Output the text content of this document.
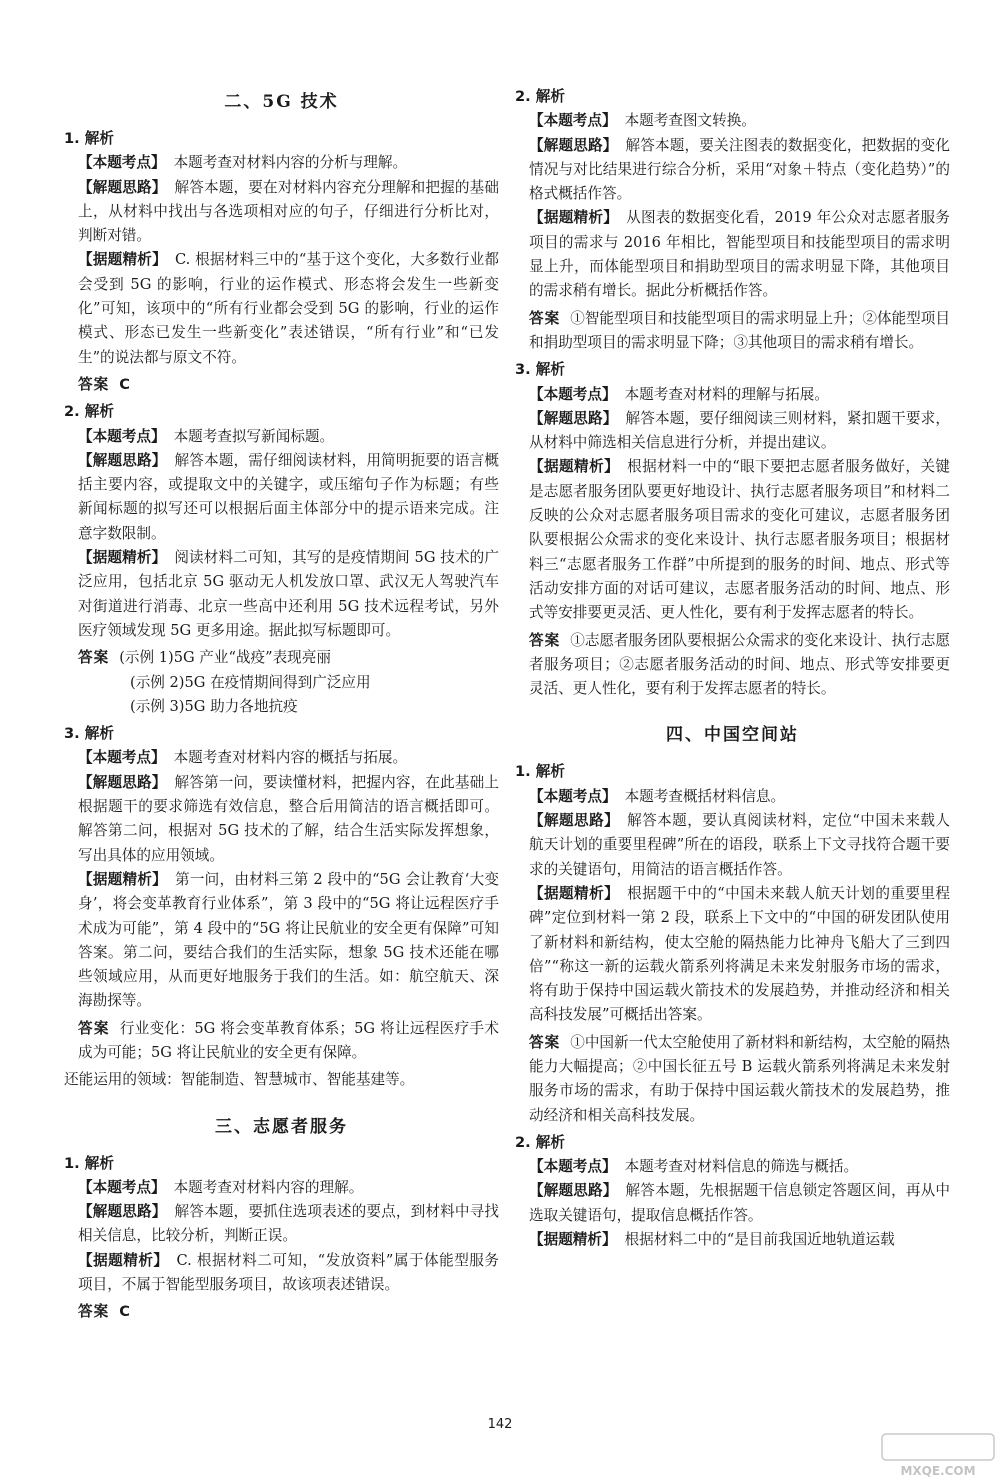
二、5G 技术
1. 解析

【本题考点】 本题考查对材料内容的分析与理解。

【解题思路】 解答本题，要在对材料内容充分理解和把握的基础上，从材料中找出与各选项相对应的句子，仔细进行分析比对，判断对错。

【据题精析】 C. 根据材料三中的“基于这个变化，大多数行业都会受到 5G 的影响，行业的运作模式、形态将会发生一些新变化”可知，该项中的“所有行业都会受到 5G 的影响，行业的运作模式、形态已发生一些新变化”表述错误，“所有行业”和“已发生”的说法都与原文不符。

答案 C

2. 解析

【本题考点】 本题考查拟写新闻标题。

【解题思路】 解答本题，需仔细阅读材料，用简明扼要的语言概括主要内容，或提取文中的关键字，或压缩句子作为标题；有些新闻标题的拟写还可以根据后面主体部分中的提示语来完成。注意字数限制。

【据题精析】 阅读材料二可知，其写的是疫情期间 5G 技术的广泛应用，包括北京 5G 驱动无人机发放口罩、武汉无人驾驶汽车对街道进行消毒、北京一些高中还利用 5G 技术远程考试，另外医疗领域发现 5G 更多用途。据此拟写标题即可。

答案 (示例 1)5G 产业“战疫”表现亮丽
(示例 2)5G 在疫情期间得到广泛应用
(示例 3)5G 助力各地抗疫

3. 解析

【本题考点】 本题考查对材料内容的概括与拓展。

【解题思路】 解答第一问，要读懂材料，把握内容，在此基础上根据题干的要求筛选有效信息，整合后用简洁的语言概括即可。解答第二问，根据对 5G 技术的了解，结合生活实际发挥想象，写出具体的应用领域。

【据题精析】 第一问，由材料三第 2 段中的“5G 会让教育‘大变身’，将会变革教育行业体系”，第 3 段中的“5G 将让远程医疗手术成为可能”，第 4 段中的“5G 将让民航业的安全更有保障”可知答案。第二问，要结合我们的生活实际，想象 5G 技术还能在哪些领域应用，从而更好地服务于我们的生活。如：航空航天、深海勘探等。

答案 行业变化：5G 将会变革教育体系；5G 将让远程医疗手术成为可能；5G 将让民航业的安全更有保障。

还能运用的领域：智能制造、智慧城市、智能基建等。

三、志愿者服务
1. 解析

【本题考点】 本题考查对材料内容的理解。

【解题思路】 解答本题，要抓住选项表述的要点，到材料中寻找相关信息，比较分析，判断正误。

【据题精析】 C. 根据材料二可知，“发放资料”属于体能型服务项目，不属于智能型服务项目，故该项表述错误。

答案 C

2. 解析

【本题考点】 本题考查图文转换。

【解题思路】 解答本题，要关注图表的数据变化，把数据的变化情况与对比结果进行综合分析，采用“对象＋特点（变化趋势）”的格式概括作答。

【据题精析】 从图表的数据变化看，2019 年公众对志愿者服务项目的需求与 2016 年相比，智能型项目和技能型项目的需求明显上升，而体能型项目和捐助型项目的需求明显下降，其他项目的需求稍有增长。据此分析概括作答。

答案 ①智能型项目和技能型项目的需求明显上升；②体能型项目和捐助型项目的需求明显下降；③其他项目的需求稍有增长。

3. 解析

【本题考点】 本题考查对材料的理解与拓展。

【解题思路】 解答本题，要仔细阅读三则材料，紧扣题干要求，从材料中筛选相关信息进行分析，并提出建议。

【据题精析】 根据材料一中的“眼下要把志愿者服务做好，关键是志愿者服务团队要更好地设计、执行志愿者服务项目”和材料二反映的公众对志愿者服务项目需求的变化可建议，志愿者服务团队要根据公众需求的变化来设计、执行志愿者服务项目；根据材料三“志愿者服务工作群”中所提到的服务的时间、地点、形式等活动安排方面的对话可建议，志愿者服务活动的时间、地点、形式等安排要更灵活、更人性化，要有利于发挥志愿者的特长。

答案 ①志愿者服务团队要根据公众需求的变化来设计、执行志愿者服务项目；②志愿者服务活动的时间、地点、形式等安排要更灵活、更人性化，要有利于发挥志愿者的特长。

四、中国空间站
1. 解析

【本题考点】 本题考查概括材料信息。

【解题思路】 解答本题，要认真阅读材料，定位“中国未来载人航天计划的重要里程碑”所在的语段，联系上下文寻找符合题干要求的关键语句，用简洁的语言概括作答。

【据题精析】 根据题干中的“中国未来载人航天计划的重要里程碑”定位到材料一第 2 段，联系上下文中的“中国的研发团队使用了新材料和新结构，使太空舱的隔热能力比神舟飞船大了三到四倍”“称这一新的运载火箭系列将满足未来发射服务市场的需求，将有助于保持中国运载火箭技术的发展趋势，并推动经济和相关高科技发展”可概括出答案。

答案 ①中国新一代太空舱使用了新材料和新结构，太空舱的隔热能力大幅提高；②中国长征五号 B 运载火箭系列将满足未来发射服务市场的需求，有助于保持中国运载火箭技术的发展趋势，推动经济和相关高科技发展。

2. 解析

【本题考点】 本题考查对材料信息的筛选与概括。

【解题思路】 解答本题，先根据题干信息锁定答题区间，再从中选取关键语句，提取信息概括作答。

【据题精析】 根据材料二中的“是目前我国近地轨道运载

142
MXQE.COM
